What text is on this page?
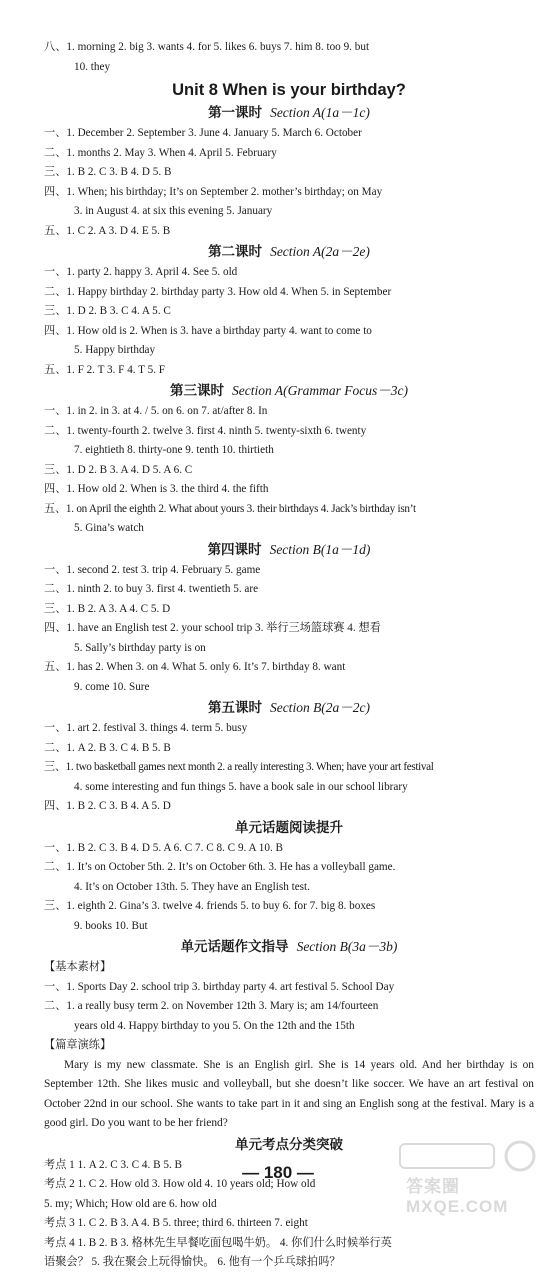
八、1. morning 2. big 3. wants 4. for 5. likes 6. buys 7. him 8. too 9. but
10. they
Unit 8 When is your birthday?
第一课时 Section A(1a－1c)
一、1. December 2. September 3. June 4. January 5. March 6. October
二、1. months 2. May 3. When 4. April 5. February
三、1. B 2. C 3. B 4. D 5. B
四、1. When; his birthday; It’s on September 2. mother’s birthday; on May
3. in August 4. at six this evening 5. January
五、1. C 2. A 3. D 4. E 5. B
第二课时 Section A(2a－2e)
一、1. party 2. happy 3. April 4. See 5. old
二、1. Happy birthday 2. birthday party 3. How old 4. When 5. in September
三、1. D 2. B 3. C 4. A 5. C
四、1. How old is 2. When is 3. have a birthday party 4. want to come to
5. Happy birthday
五、1. F 2. T 3. F 4. T 5. F
第三课时 Section A(Grammar Focus－3c)
一、1. in 2. in 3. at 4. / 5. on 6. on 7. at/after 8. In
二、1. twenty-fourth 2. twelve 3. first 4. ninth 5. twenty-sixth 6. twenty
7. eightieth 8. thirty-one 9. tenth 10. thirtieth
三、1. D 2. B 3. A 4. D 5. A 6. C
四、1. How old 2. When is 3. the third 4. the fifth
五、1. on April the eighth 2. What about yours 3. their birthdays 4. Jack’s birthday isn’t
5. Gina’s watch
第四课时 Section B(1a－1d)
一、1. second 2. test 3. trip 4. February 5. game
二、1. ninth 2. to buy 3. first 4. twentieth 5. are
三、1. B 2. A 3. A 4. C 5. D
四、1. have an English test 2. your school trip 3. 举行三场篮球赛 4. 想看
5. Sally’s birthday party is on
五、1. has 2. When 3. on 4. What 5. only 6. It’s 7. birthday 8. want
9. come 10. Sure
第五课时 Section B(2a－2c)
一、1. art 2. festival 3. things 4. term 5. busy
二、1. A 2. B 3. C 4. B 5. B
三、1. two basketball games next month 2. a really interesting 3. When; have your art festival
4. some interesting and fun things 5. have a book sale in our school library
四、1. B 2. C 3. B 4. A 5. D
单元话题阅读提升
一、1. B 2. C 3. B 4. D 5. A 6. C 7. C 8. C 9. A 10. B
二、1. It’s on October 5th. 2. It’s on October 6th. 3. He has a volleyball game.
4. It’s on October 13th. 5. They have an English test.
三、1. eighth 2. Gina’s 3. twelve 4. friends 5. to buy 6. for 7. big 8. boxes
9. books 10. But
单元话题作文指导 Section B(3a－3b)
【基本素材】
一、1. Sports Day 2. school trip 3. birthday party 4. art festival 5. School Day
二、1. a really busy term 2. on November 12th 3. Mary is; am 14/fourteen
years old 4. Happy birthday to you 5. On the 12th and the 15th
【篇章演练】
Mary is my new classmate. She is an English girl. She is 14 years old. And her birthday is on September 12th. She likes music and volleyball, but she doesn’t like soccer. We have an art festival on October 22nd in our school. She wants to take part in it and sing an English song at the festival. Mary is a good girl. Do you want to be her friend?
单元考点分类突破
考点 1 1. A 2. C 3. C 4. B 5. B
考点 2 1. C 2. How old 3. How old 4. 10 years old; How old
5. my; Which; How old are 6. how old
考点 3 1. C 2. B 3. A 4. B 5. three; third 6. thirteen 7. eight
考点 4 1. B 2. B 3. 格林先生早餐吃面包喝牛奶。 4. 你们什么时候举行英
语聚会？ 5. 我在聚会上玩得愉快。 6. 他有一个乒乓球拍吗？
— 180 —
答案圈 MXQE.COM
